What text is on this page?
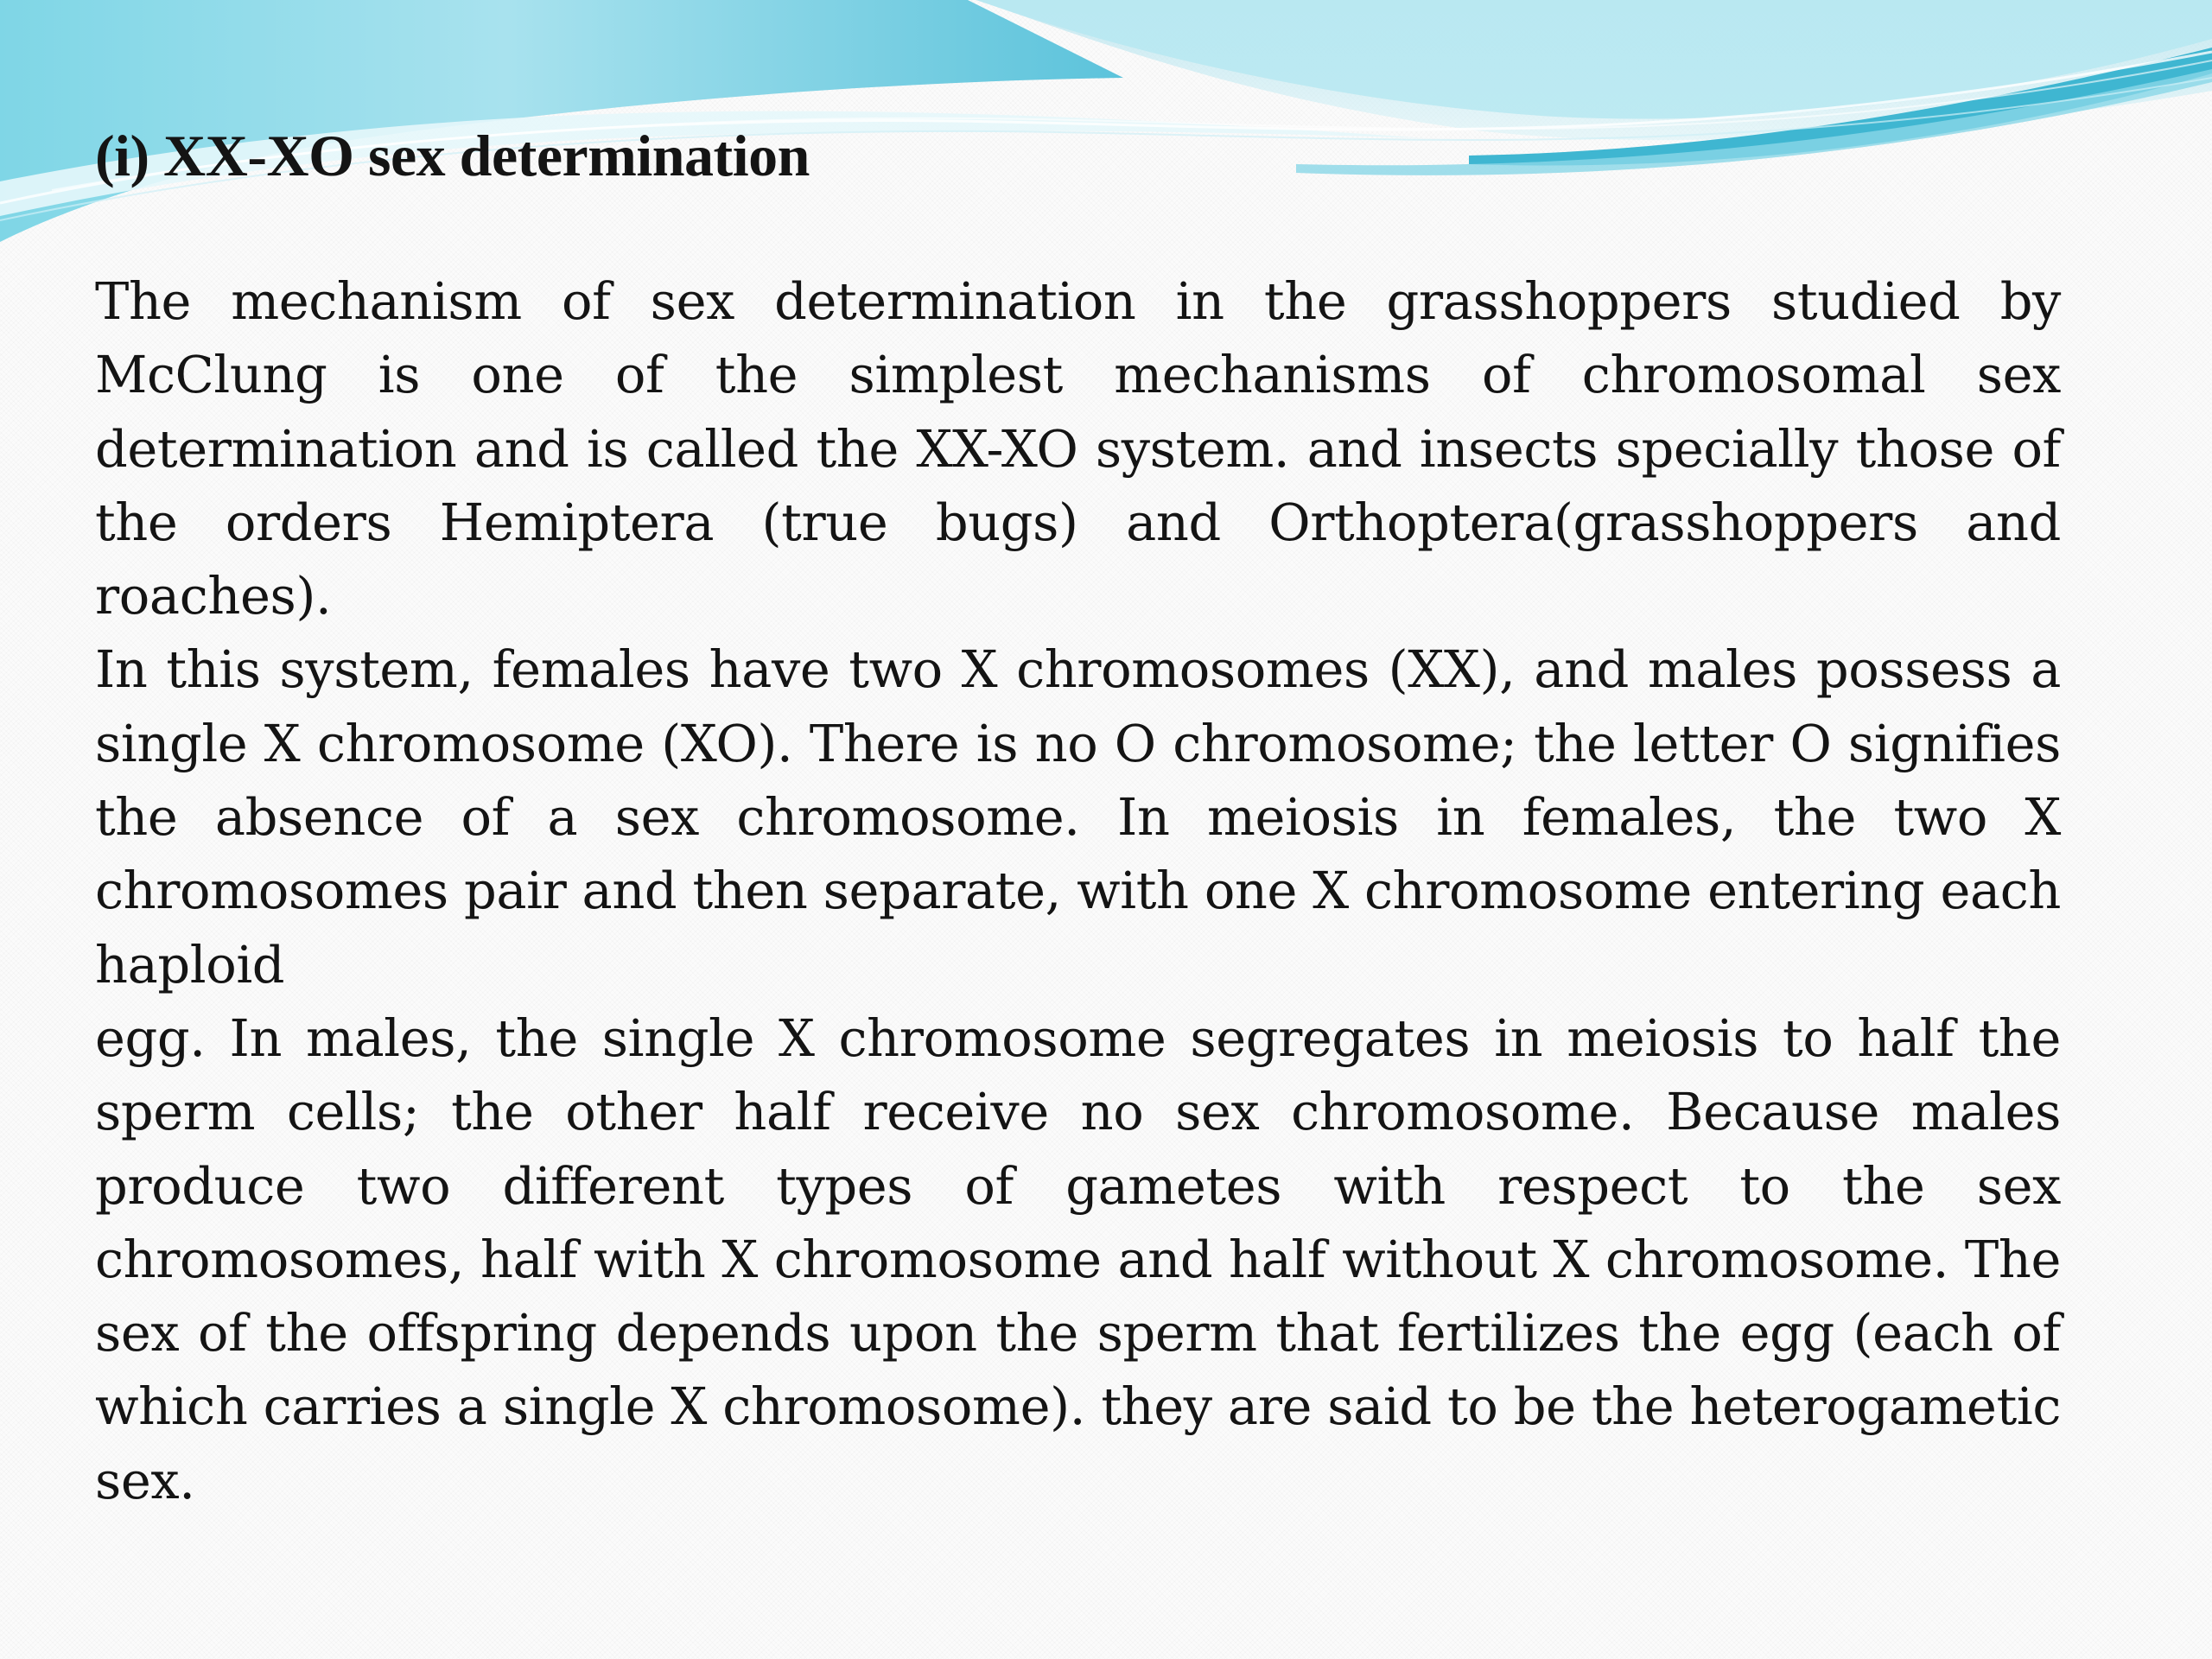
(i) XX-XO sex determination

The mechanism of sex determination in the grasshoppers studied by McClung is one of the simplest mechanisms of chromosomal sex determination and is called the XX-XO system. and insects specially those of the orders Hemiptera (true bugs) and Orthoptera(grasshoppers and roaches).

In this system, females have two X chromosomes (XX), and males possess a single X chromosome (XO). There is no O chromosome; the letter O signifies the absence of a sex chromosome. In meiosis in females, the two X chromosomes pair and then separate, with one X chromosome entering each haploid

egg. In males, the single X chromosome segregates in meiosis to half the sperm cells; the other half receive no sex chromosome. Because males produce two different types of gametes with respect to the sex chromosomes, half with X chromosome and half without X chromosome. The sex of the offspring depends upon the sperm that fertilizes the egg (each of which carries a single X chromosome). they are said to be the heterogametic sex.
